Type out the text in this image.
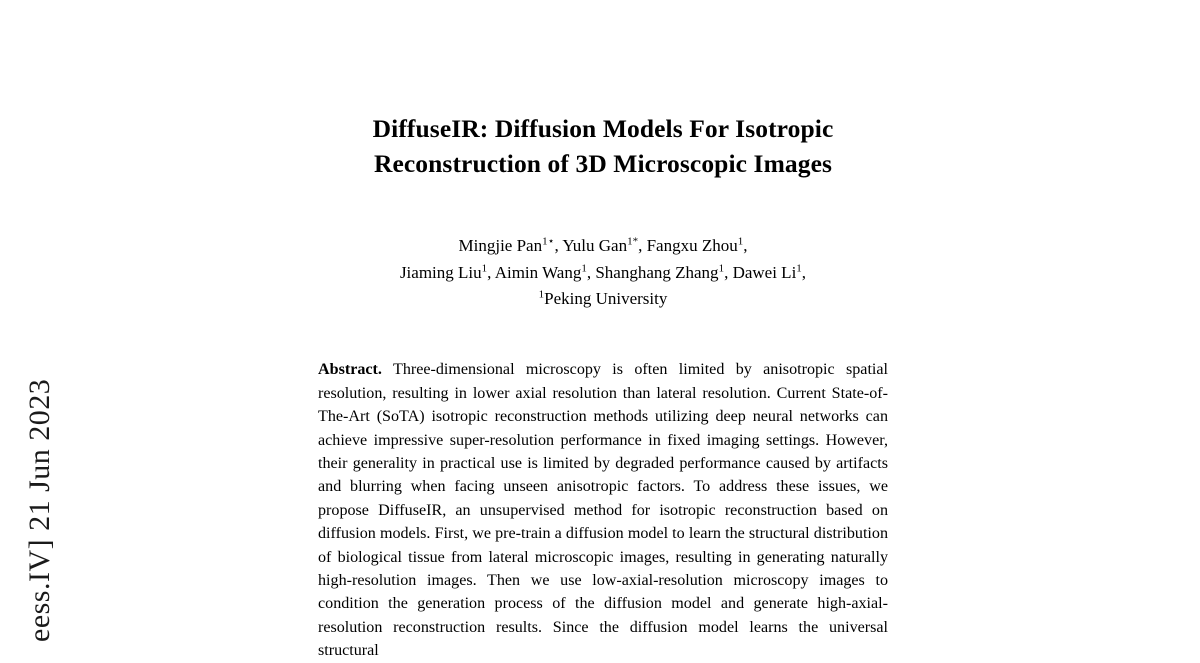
eess.IV] 21 Jun 2023
DiffuseIR: Diffusion Models For Isotropic
Reconstruction of 3D Microscopic Images
Mingjie Pan$^{1⋆}$, Yulu Gan$^{1*}$, Fangxu Zhou$^1$,
Jiaming Liu$^1$, Aimin Wang$^1$, Shanghang Zhang$^1$, Dawei Li$^1$,
$^1$Peking University
Abstract. Three-dimensional microscopy is often limited by anisotropic spatial resolution, resulting in lower axial resolution than lateral resolution. Current State-of-The-Art (SoTA) isotropic reconstruction methods utilizing deep neural networks can achieve impressive super-resolution performance in fixed imaging settings. However, their generality in practical use is limited by degraded performance caused by artifacts and blurring when facing unseen anisotropic factors. To address these issues, we propose DiffuseIR, an unsupervised method for isotropic reconstruction based on diffusion models. First, we pre-train a diffusion model to learn the structural distribution of biological tissue from lateral microscopic images, resulting in generating naturally high-resolution images. Then we use low-axial-resolution microscopy images to condition the generation process of the diffusion model and generate high-axial-resolution reconstruction results. Since the diffusion model learns the universal structural
